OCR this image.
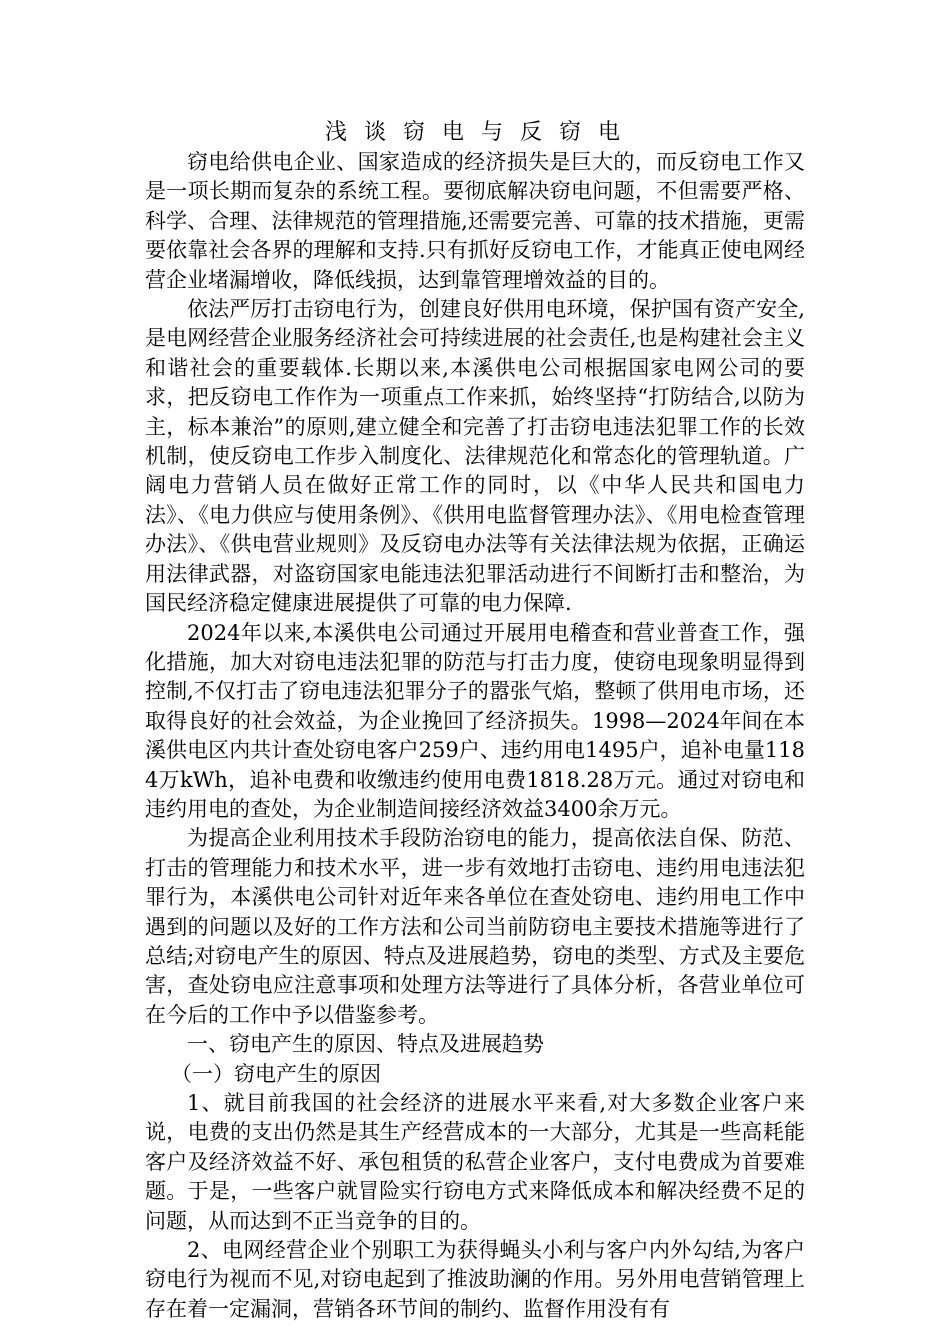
浅 谈 窃 电 与 反 窃 电

窃电给供电企业、国家造成的经济损失是巨大的，而反窃电工作又是一项长期而复杂的系统工程。要彻底解决窃电问题，不但需要严格、科学、合理、法律规范的管理措施,还需要完善、可靠的技术措施，更需要依靠社会各界的理解和支持.只有抓好反窃电工作，才能真正使电网经营企业堵漏增收，降低线损，达到靠管理增效益的目的。

依法严厉打击窃电行为，创建良好供用电环境，保护国有资产安全,是电网经营企业服务经济社会可持续进展的社会责任,也是构建社会主义和谐社会的重要载体.长期以来,本溪供电公司根据国家电网公司的要求，把反窃电工作作为一项重点工作来抓，始终坚持“打防结合,以防为主，标本兼治”的原则,建立健全和完善了打击窃电违法犯罪工作的长效机制，使反窃电工作步入制度化、法律规范化和常态化的管理轨道。广阔电力营销人员在做好正常工作的同时，以《中华人民共和国电力法》、《电力供应与使用条例》、《供用电监督管理办法》、《用电检查管理办法》、《供电营业规则》及反窃电办法等有关法律法规为依据，正确运用法律武器，对盗窃国家电能违法犯罪活动进行不间断打击和整治，为国民经济稳定健康进展提供了可靠的电力保障.

2024年以来,本溪供电公司通过开展用电稽查和营业普查工作，强化措施，加大对窃电违法犯罪的防范与打击力度，使窃电现象明显得到控制,不仅打击了窃电违法犯罪分子的嚣张气焰，整顿了供用电市场，还取得良好的社会效益，为企业挽回了经济损失。1998—2024年间在本溪供电区内共计查处窃电客户259户、违约用电1495户，追补电量1184万kWh，追补电费和收缴违约使用电费1818.28万元。通过对窃电和违约用电的查处，为企业制造间接经济效益3400余万元。

为提高企业利用技术手段防治窃电的能力，提高依法自保、防范、打击的管理能力和技术水平，进一步有效地打击窃电、违约用电违法犯罪行为，本溪供电公司针对近年来各单位在查处窃电、违约用电工作中遇到的问题以及好的工作方法和公司当前防窃电主要技术措施等进行了总结;对窃电产生的原因、特点及进展趋势，窃电的类型、方式及主要危害，查处窃电应注意事项和处理方法等进行了具体分析，各营业单位可在今后的工作中予以借鉴参考。

一、窃电产生的原因、特点及进展趋势

（一）窃电产生的原因

1、就目前我国的社会经济的进展水平来看,对大多数企业客户来说，电费的支出仍然是其生产经营成本的一大部分，尤其是一些高耗能客户及经济效益不好、承包租赁的私营企业客户，支付电费成为首要难题。于是，一些客户就冒险实行窃电方式来降低成本和解决经费不足的问题，从而达到不正当竞争的目的。

2、电网经营企业个别职工为获得蝇头小利与客户内外勾结,为客户窃电行为视而不见,对窃电起到了推波助澜的作用。另外用电营销管理上存在着一定漏洞，营销各环节间的制约、监督作用没有有
